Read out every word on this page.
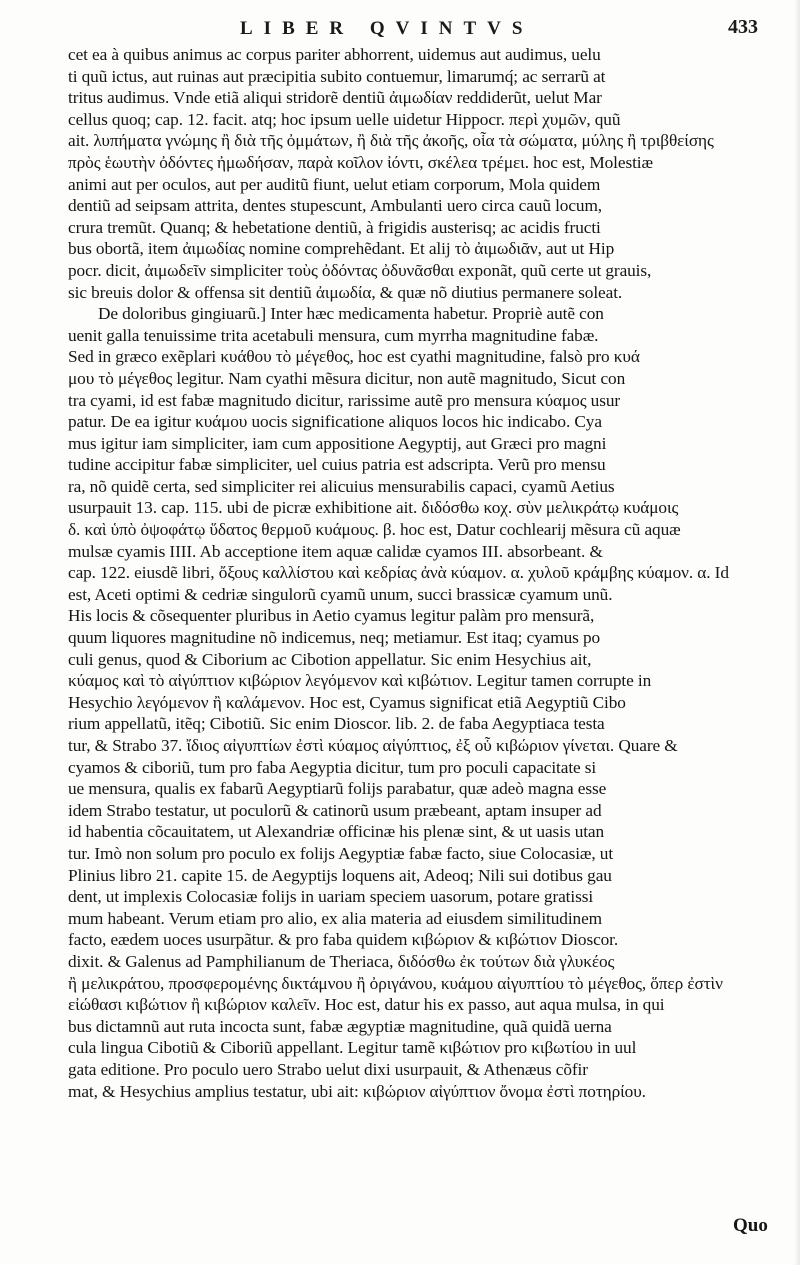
LIBER QVINTVS	433
cet ea à quibus animus ac corpus pariter abhorrent, uidemus aut audimus, uelu
ti quũ ictus, aut ruinas aut præcipitia subito contuemur, limarumq́; ac serrarũ at
tritus audimus. Vnde etiã aliqui stridorẽ dentiũ ἀιμωδίαν reddiderũt, uelut Mar
cellus quoq; cap. 12. facit. atq; hoc ipsum uelle uidetur Hippocr. περὶ χυμῶν, quũ
ait. λυπήματα γνώμης ἢ διὰ τῆς ὀμμάτων, ἢ διὰ τῆς ἀκοῆς, οἷα τὰ σώματα, μύλης ἢ τριβθείσης
πρὸς ἑωυτὴν ὀδόντες ἠμωδήσαν, παρὰ κοῖλον ἰόντι, σκέλεα τρέμει. hoc est, Molestiæ
animi aut per oculos, aut per auditũ fiunt, uelut etiam corporum, Mola quidem
dentiũ ad seipsam attrita, dentes stupescunt, Ambulanti uero circa cauũ locum,
crura tremũt. Quanq; & hebetatione dentiũ, à frigidis austerisq; ac acidis fructi
bus obortã, item ἀιμωδίας nomine comprehẽdant. Et alij τὸ ἀιμωδιᾶν, aut ut Hip
pocr. dicit, ἀιμωδεῖν simpliciter τοὺς ὀδόντας ὀδυνᾶσθαι exponãt, quũ certe ut grauis,
sic breuis dolor & offensa sit dentiũ ἀιμωδία, & quæ nõ diutius permanere soleat.
De doloribus gingiuarũ.] Inter hæc medicamenta habetur. Propriè autẽ con
uenit galla tenuissime trita acetabuli mensura, cum myrrha magnitudine fabæ.
Sed in græco exẽplari κυάθου τὸ μέγεθος, hoc est cyathi magnitudine, falsò pro κυά
μου τὸ μέγεθος legitur. Nam cyathi mẽsura dicitur, non autẽ magnitudo, Sicut con
tra cyami, id est fabæ magnitudo dicitur, rarissime autẽ pro mensura κύαμος usur
patur. De ea igitur κυάμου uocis significatione aliquos locos hic indicabo. Cya
mus igitur iam simpliciter, iam cum appositione Aegyptij, aut Græci pro magni
tudine accipitur fabæ simpliciter, uel cuius patria est adscripta. Verũ pro mensu
ra, nõ quidẽ certa, sed simpliciter rei alicuius mensurabilis capaci, cyamũ Aetius
usurpauit 13. cap. 115. ubi de picræ exhibitione ait. διδόσθω κοχ. σὺν μελικράτῳ κυάμοις
δ. καὶ ὑπὸ ὀψοφάτῳ ὕδατος θερμοῦ κυάμους. β. hoc est, Datur cochlearij mẽsura cũ aquæ
mulsæ cyamis IIII. Ab acceptione item aquæ calidæ cyamos III. absorbeant. &
cap. 122. eiusdẽ libri, ὄξους καλλίστου καὶ κεδρίας ἀνὰ κύαμον. α. χυλοῦ κράμβης κύαμον. α. Id
est, Aceti optimi & cedriæ singulorũ cyamũ unum, succi brassicæ cyamum unũ.
His locis & cõsequenter pluribus in Aetio cyamus legitur palàm pro mensurã,
quum liquores magnitudine nõ indicemus, neq; metiamur. Est itaq; cyamus po
culi genus, quod & Ciborium ac Cibotion appellatur. Sic enim Hesychius ait,
κύαμος καὶ τὸ αἰγύπτιον κιβώριον λεγόμενον καὶ κιβώτιον. Legitur tamen corrupte in
Hesychio λεγόμενον ἢ καλάμενον. Hoc est, Cyamus significat etiã Aegyptiũ Cibo
rium appellatũ, itẽq; Cibotiũ. Sic enim Dioscor. lib. 2. de faba Aegyptiaca testa
tur, & Strabo 37. ἴδιος αἰγυπτίων ἐστὶ κύαμος αἰγύπτιος, ἐξ οὗ κιβώριον γίνεται. Quare &
cyamos & ciboriũ, tum pro faba Aegyptia dicitur, tum pro poculi capacitate si
ue mensura, qualis ex fabarũ Aegyptiarũ folijs parabatur, quæ adeò magna esse
idem Strabo testatur, ut poculorũ & catinorũ usum præbeant, aptam insuper ad
id habentia cõcauitatem, ut Alexandriæ officinæ his plenæ sint, & ut uasis utan
tur. Imò non solum pro poculo ex folijs Aegyptiæ fabæ facto, siue Colocasiæ, ut
Plinius libro 21. capite 15. de Aegyptijs loquens ait, Adeoq; Nili sui dotibus gau
dent, ut implexis Colocasiæ folijs in uariam speciem uasorum, potare gratissi
mum habeant. Verum etiam pro alio, ex alia materia ad eiusdem similitudinem
facto, eædem uoces usurpãtur. & pro faba quidem κιβώριον & κιβώτιον Dioscor.
dixit. & Galenus ad Pamphilianum de Theriaca, διδόσθω ἐκ τούτων διὰ γλυκέος
ἢ μελικράτου, προσφερομένης δικτάμνου ἢ ὀριγάνου, κυάμου αἰγυπτίου τὸ μέγεθος, ὅπερ ἐστὶν
εἰώθασι κιβώτιον ἢ κιβώριον καλεῖν. Hoc est, datur his ex passo, aut aqua mulsa, in qui
bus dictamnũ aut ruta incocta sunt, fabæ ægyptiæ magnitudine, quã quidã uerna
cula lingua Cibotiũ & Ciboriũ appellant. Legitur tamẽ κιβώτιον pro κιβωτίου in uul
gata editione. Pro poculo uero Strabo uelut dixi usurpauit, & Athenæus cõfir
mat, & Hesychius amplius testatur, ubi ait: κιβώριον αἰγύπτιον ὄνομα ἐστὶ ποτηρίου.
Quo
